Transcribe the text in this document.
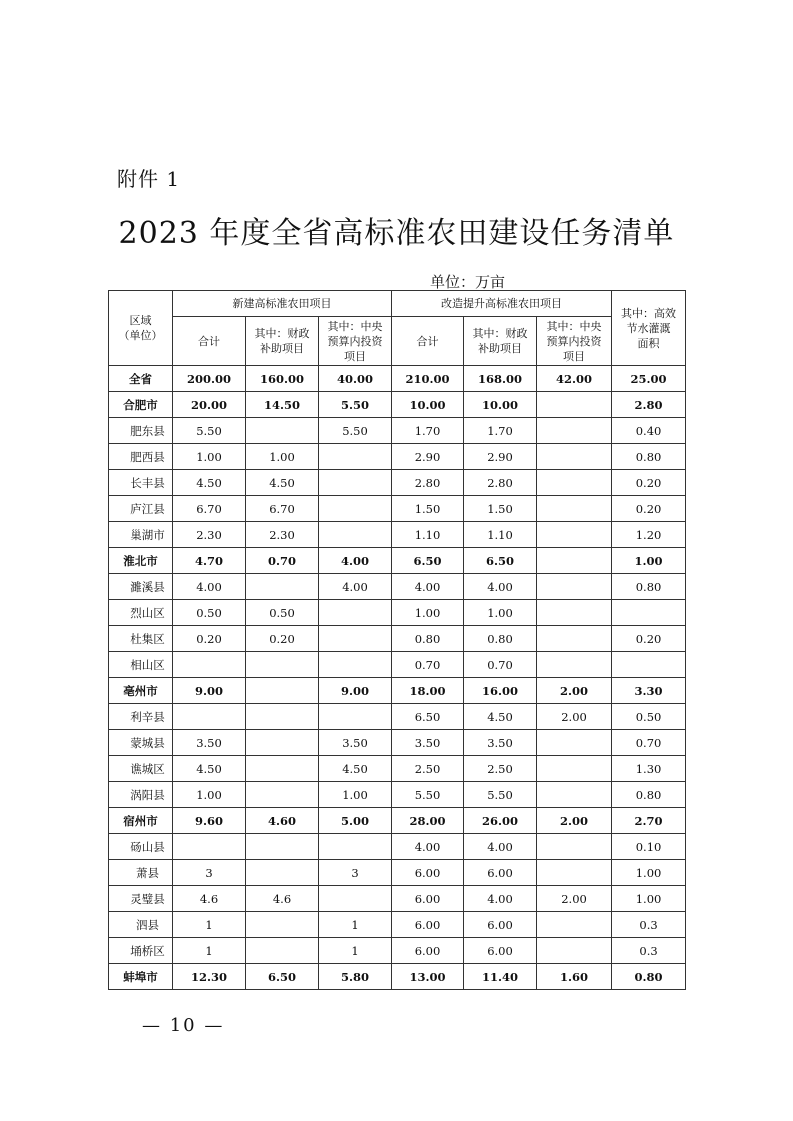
附件 1
2023 年度全省高标准农田建设任务清单
单位：万亩
区域
（单位）	新建高标准农田项目			改造提升高标准农田项目			其中：高效
节水灌溉
面积
	合计	其中：财政
补助项目	其中：中央
预算内投资
项目	合计	其中：财政
补助项目	其中：中央
预算内投资
项目	
全省	200.00	160.00	40.00	210.00	168.00	42.00	25.00
合肥市	20.00	14.50	5.50	10.00	10.00		2.80
肥东县	5.50		5.50	1.70	1.70		0.40
肥西县	1.00	1.00		2.90	2.90		0.80
长丰县	4.50	4.50		2.80	2.80		0.20
庐江县	6.70	6.70		1.50	1.50		0.20
巢湖市	2.30	2.30		1.10	1.10		1.20
淮北市	4.70	0.70	4.00	6.50	6.50		1.00
濉溪县	4.00		4.00	4.00	4.00		0.80
烈山区	0.50	0.50		1.00	1.00		
杜集区	0.20	0.20		0.80	0.80		0.20
相山区				0.70	0.70		
亳州市	9.00		9.00	18.00	16.00	2.00	3.30
利辛县				6.50	4.50	2.00	0.50
蒙城县	3.50		3.50	3.50	3.50		0.70
谯城区	4.50		4.50	2.50	2.50		1.30
涡阳县	1.00		1.00	5.50	5.50		0.80
宿州市	9.60	4.60	5.00	28.00	26.00	2.00	2.70
砀山县				4.00	4.00		0.10
萧县	3		3	6.00	6.00		1.00
灵璧县	4.6	4.6		6.00	4.00	2.00	1.00
泗县	1		1	6.00	6.00		0.3
埇桥区	1		1	6.00	6.00		0.3
蚌埠市	12.30	6.50	5.80	13.00	11.40	1.60	0.80
— 10 —
